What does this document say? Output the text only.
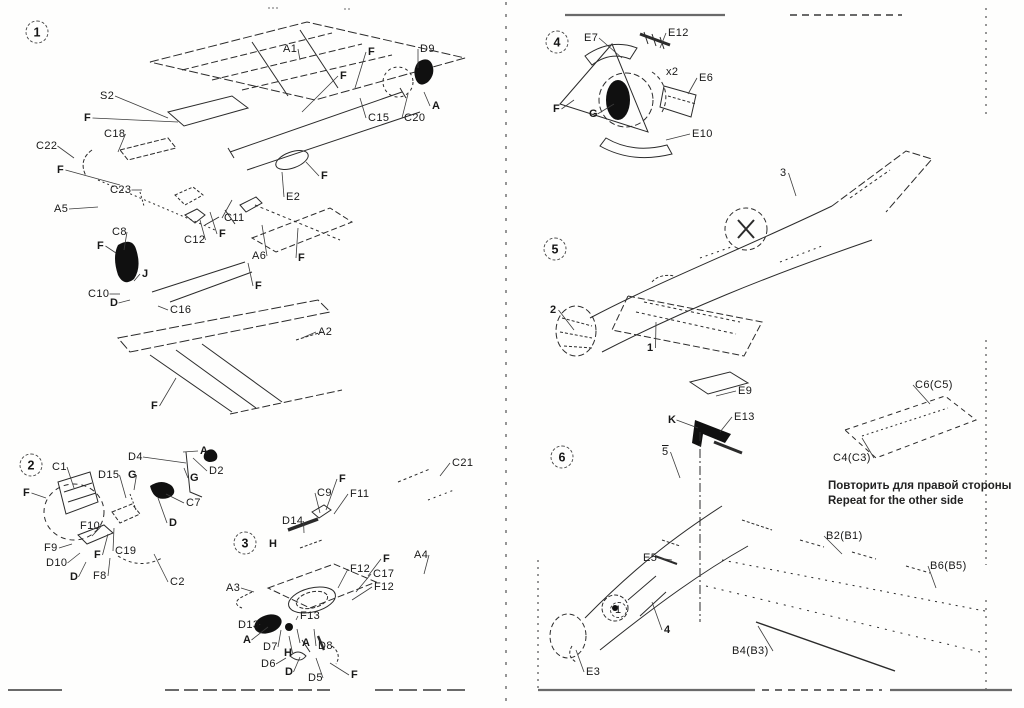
1
S2
F
C18
C22
F
C23
A5
C8
F
C10
D
J
C16
A1	F	D9
F
A
C15 C20
C11
C12 F
A6
E2
F
F
F
A2
F
2	C1
F
D4	A
D2
D15 G	G
C7
D
F10
F9
D10
D F8
F C19
C2
3	H
D14
C9
F
F11
C21
A4
F
F12 C17
F12
A3
D13
F13
A
D7 H
A D8
D6
D D5	F
4	E7	E12
x2 E6
F	G
E10
5
2
1
3
6	5
E9
K	E13
E5
E3
4
1
C6(C5)
C4(C3)
B2(B1)
B6(B5)
B4(B3)
Повторить для правой стороны
Repeat for the other side
